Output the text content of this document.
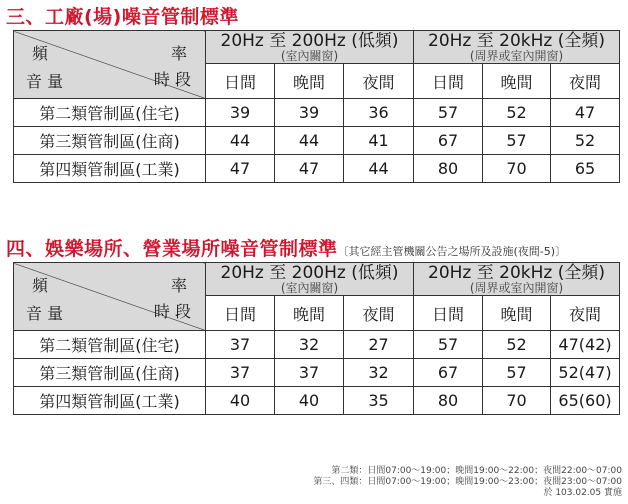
三、工廠(場)噪音管制標準
頻 率
音 量 時 段	20Hz 至 200Hz (低頻)
(室內關窗)			20Hz 至 20kHz (全頻)
(周界或室內開窗)		

	日間	晚間	夜間	日間	晚間	夜間
第二類管制區(住宅)	39	39	36	57	52	47
第三類管制區(住商)	44	44	41	67	57	52
第四類管制區(工業)	47	47	44	80	70	65
四、娛樂場所、營業場所噪音管制標準〔其它經主管機關公告之場所及設施(夜間-5)〕
頻 率
音 量 時 段	20Hz 至 200Hz (低頻)
(室內關窗)			20Hz 至 20kHz (全頻)
(周界或室內開窗)		

	日間	晚間	夜間	日間	晚間	夜間
第二類管制區(住宅)	37	32	27	57	52	47(42)
第三類管制區(住商)	37	37	32	67	57	52(47)
第四類管制區(工業)	40	40	35	80	70	65(60)
第二類：日間07:00～19:00；晚間19:00～22:00；夜間22:00～07:00
第三、四類：日間07:00～19:00；晚間19:00～23:00；夜間23:00～07:00
於 103.02.05 實施
